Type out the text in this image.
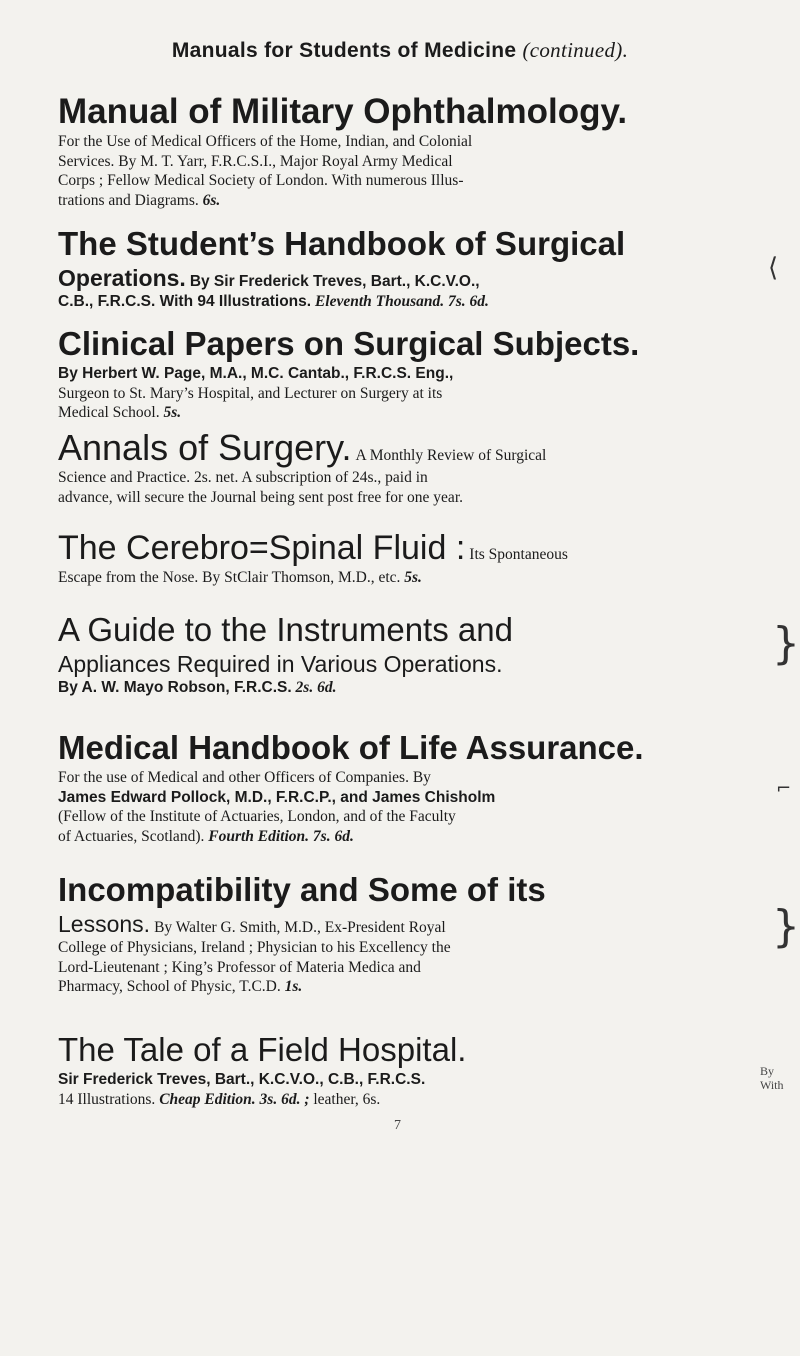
Manuals for Students of Medicine (continued).
Manual of Military Ophthalmology.
For the Use of Medical Officers of the Home, Indian, and Colonial
Services. By M. T. Yarr, F.R.C.S.I., Major Royal Army Medical
Corps ; Fellow Medical Society of London. With numerous Illus-
trations and Diagrams. 6s.
The Student’s Handbook of Surgical
Operations. By Sir Frederick Treves, Bart., K.C.V.O.,
C.B., F.R.C.S. With 94 Illustrations. Eleventh Thousand. 7s. 6d.
⟨
Clinical Papers on Surgical Subjects.
By Herbert W. Page, M.A., M.C. Cantab., F.R.C.S. Eng.,
Surgeon to St. Mary’s Hospital, and Lecturer on Surgery at its
Medical School. 5s.
Annals of Surgery. A Monthly Review of Surgical
Science and Practice. 2s. net. A subscription of 24s., paid in
advance, will secure the Journal being sent post free for one year.
The Cerebro=Spinal Fluid : Its Spontaneous
Escape from the Nose. By StClair Thomson, M.D., etc. 5s.
A Guide to the Instruments and
Appliances Required in Various Operations.
By A. W. Mayo Robson, F.R.C.S. 2s. 6d.
}
Medical Handbook of Life Assurance.
For the use of Medical and other Officers of Companies. By
James Edward Pollock, M.D., F.R.C.P., and James Chisholm
(Fellow of the Institute of Actuaries, London, and of the Faculty
of Actuaries, Scotland). Fourth Edition. 7s. 6d.
⌐
Incompatibility and Some of its
Lessons. By Walter G. Smith, M.D., Ex-President Royal
College of Physicians, Ireland ; Physician to his Excellency the
Lord-Lieutenant ; King’s Professor of Materia Medica and
Pharmacy, School of Physic, T.C.D. 1s.
}
The Tale of a Field Hospital.
Sir Frederick Treves, Bart., K.C.V.O., C.B., F.R.C.S.
14 Illustrations. Cheap Edition. 3s. 6d. ; leather, 6s.
By
With
7
